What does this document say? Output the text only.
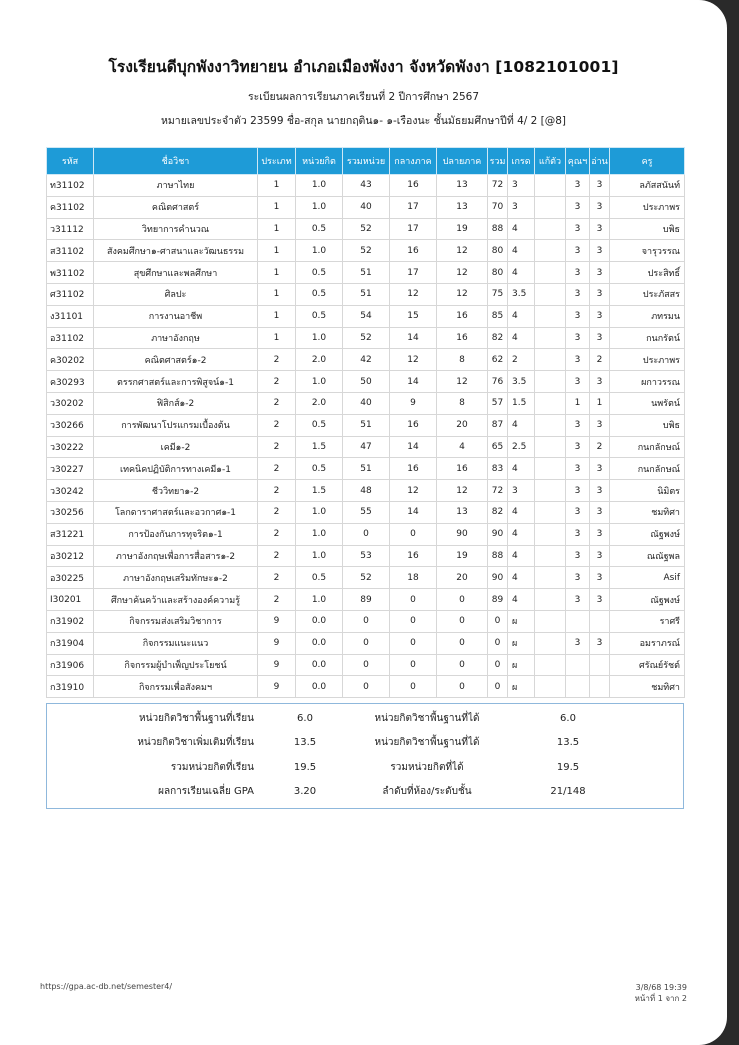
โรงเรียนดีบุกพังงาวิทยายน อำเภอเมืองพังงา จังหวัดพังงา [1082101001]
ระเบียนผลการเรียนภาคเรียนที่ 2 ปีการศึกษา 2567
หมายเลขประจำตัว 23599 ชื่อ-สกุล นายกฤติน๑- ๑-เรืองนะ ชั้นมัธยมศึกษาปีที่ 4/ 2 [@8]
รหัส	ชื่อวิชา	ประเภท	หน่วยกิต	รวมหน่วย	กลางภาค	ปลายภาค	รวม	เกรด	แก้ตัว	คุณฯ	อ่าน	ครู
ท31102	ภาษาไทย	1	1.0	43	16	13	72	3		3	3	ลภัสสนันท์
ค31102	คณิตศาสตร์	1	1.0	40	17	13	70	3		3	3	ประภาพร
ว31112	วิทยาการคำนวณ	1	0.5	52	17	19	88	4		3	3	บพิธ
ส31102	สังคมศึกษา๑-ศาสนาและวัฒนธรรม	1	1.0	52	16	12	80	4		3	3	จารุวรรณ
พ31102	สุขศึกษาและพลศึกษา	1	0.5	51	17	12	80	4		3	3	ประสิทธิ์
ศ31102	ศิลปะ	1	0.5	51	12	12	75	3.5		3	3	ประภัสสร
ง31101	การงานอาชีพ	1	0.5	54	15	16	85	4		3	3	ภทรมน
อ31102	ภาษาอังกฤษ	1	1.0	52	14	16	82	4		3	3	กนกรัตน์
ค30202	คณิตศาสตร์๑-2	2	2.0	42	12	8	62	2		3	2	ประภาพร
ค30293	ตรรกศาสตร์และการพิสูจน์๑-1	2	1.0	50	14	12	76	3.5		3	3	ผกาวรรณ
ว30202	ฟิสิกส์๑-2	2	2.0	40	9	8	57	1.5		1	1	นพรัตน์
ว30266	การพัฒนาโปรแกรมเบื้องต้น	2	0.5	51	16	20	87	4		3	3	บพิธ
ว30222	เคมี๑-2	2	1.5	47	14	4	65	2.5		3	2	กนกลักษณ์
ว30227	เทคนิคปฏิบัติการทางเคมี๑-1	2	0.5	51	16	16	83	4		3	3	กนกลักษณ์
ว30242	ชีววิทยา๑-2	2	1.5	48	12	12	72	3		3	3	นิมิตร
ว30256	โลกดาราศาสตร์และอวกาศ๑-1	2	1.0	55	14	13	82	4		3	3	ชมทิศา
ส31221	การป้องกันการทุจริต๑-1	2	1.0	0	0	90	90	4		3	3	ณัฐพงษ์
อ30212	ภาษาอังกฤษเพื่อการสื่อสาร๑-2	2	1.0	53	16	19	88	4		3	3	ณณัฐพล
อ30225	ภาษาอังกฤษเสริมทักษะ๑-2	2	0.5	52	18	20	90	4		3	3	Asif
I30201	ศึกษาค้นคว้าและสร้างองค์ความรู้	2	1.0	89	0	0	89	4		3	3	ณัฐพงษ์
ก31902	กิจกรรมส่งเสริมวิชาการ	9	0.0	0	0	0	0	ผ				ราศรี
ก31904	กิจกรรมแนะแนว	9	0.0	0	0	0	0	ผ		3	3	อมราภรณ์
ก31906	กิจกรรมผู้บำเพ็ญประโยชน์	9	0.0	0	0	0	0	ผ				ศรัณย์รัชต์
ก31910	กิจกรรมเพื่อสังคมฯ	9	0.0	0	0	0	0	ผ				ชมทิศา
หน่วยกิตวิชาพื้นฐานที่เรียน	6.0	หน่วยกิตวิชาพื้นฐานที่ได้	6.0	
หน่วยกิตวิชาเพิ่มเติมที่เรียน	13.5	หน่วยกิตวิชาพื้นฐานที่ได้	13.5	
รวมหน่วยกิตที่เรียน	19.5	รวมหน่วยกิตที่ได้	19.5	
ผลการเรียนเฉลี่ย GPA	3.20	ลำดับที่ห้อง/ระดับชั้น	21/148	
https://gpa.ac-db.net/semester4/	3/8/68 19:39
หน้าที่ 1 จาก 2
